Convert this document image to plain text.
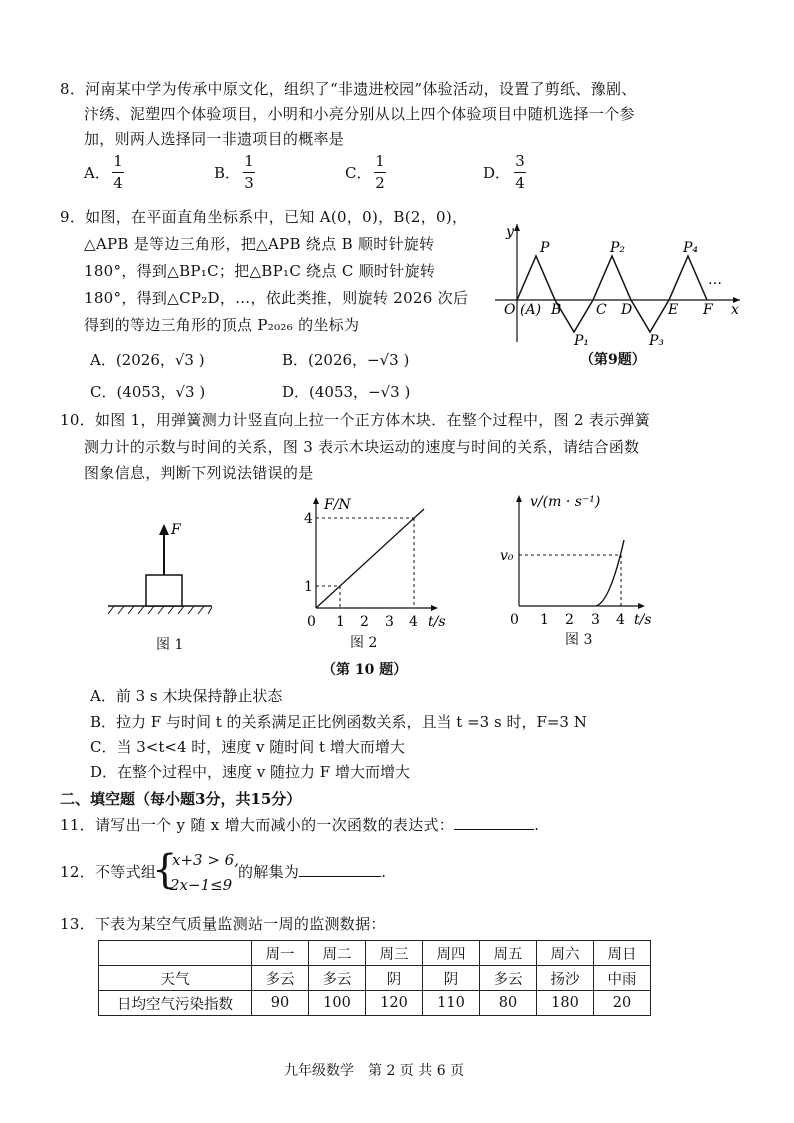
8．河南某中学为传承中原文化，组织了“非遗进校园”体验活动，设置了剪纸、豫剧、
汴绣、泥塑四个体验项目，小明和小亮分别从以上四个体验项目中随机选择一个参
加，则两人选择同一非遗项目的概率是
A．
1
4
B．
1
3
C．
1
2
D．
3
4
9．如图，在平面直角坐标系中，已知 A(0，0)，B(2，0)，
△APB 是等边三角形，把△APB 绕点 B 顺时针旋转
180°，得到△BP₁C；把△BP₁C 绕点 C 顺时针旋转
180°，得到△CP₂D，…，依此类推，则旋转 2026 次后
得到的等边三角形的顶点 P₂₀₂₆ 的坐标为
A．(2026，√3 )	B．(2026，−√3 )
C．(4053，√3 )	D．(4053，−√3 )
y
x
O (A) B C D	E F
P
P₁
P₂
P₃
P₄
…
（第9题）
10．如图 1，用弹簧测力计竖直向上拉一个正方体木块．在整个过程中，图 2 表示弹簧
测力计的示数与时间的关系，图 3 表示木块运动的速度与时间的关系，请结合函数
图象信息，判断下列说法错误的是
F
图 1
F/N
t/s
0 1 2 3 4
1
4
图 2
v/(m · s⁻¹)
t/s
0 1 2 3 4
v₀
图 3
（第 10 题）
A．前 3 s 木块保持静止状态
B．拉力 F 与时间 t 的关系满足正比例函数关系，且当 t =3 s 时，F=3 N
C．当 3<t<4 时，速度 v 随时间 t 增大而增大
D．在整个过程中，速度 v 随拉力 F 增大而增大
二、填空题（每小题3分，共15分）
11．请写出一个 y 随 x 增大而减小的一次函数的表达式：	.
12．不等式组
{
x+3 > 6,
2x−1≤9
的解集为	.
13．下表为某空气质量监测站一周的监测数据：
	周一	周二	周三	周四	周五	周六	周日
天气	多云	多云	阴	阴	多云	扬沙	中雨
日均空气污染指数	90	100	120	110	80	180	20
九年级数学　第 2 页 共 6 页
